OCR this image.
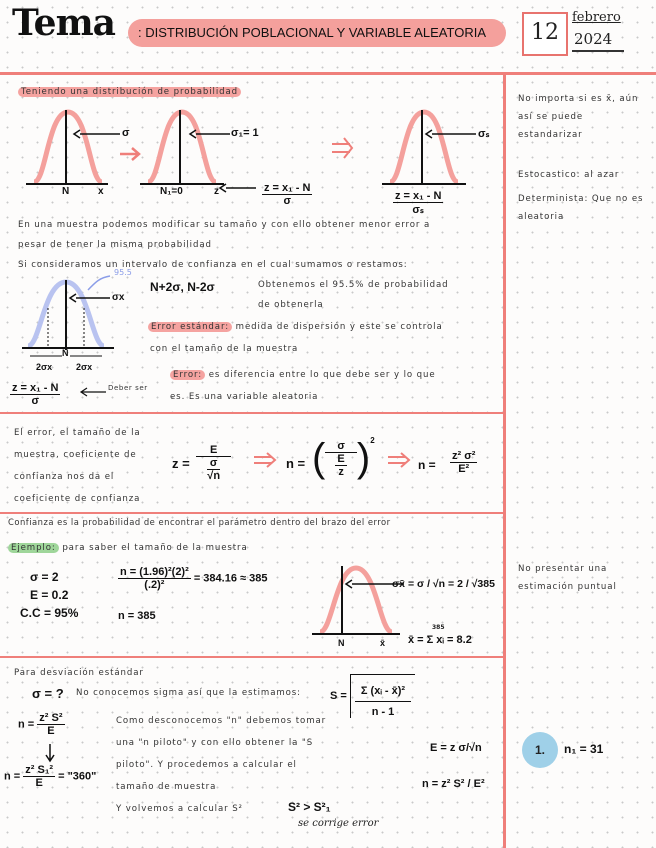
Tema	: DISTRIBUCIÓN POBLACIONAL Y VARIABLE ALEATORIA	12
febrero
2024
Teniendo una distribución de probabilidad
σ
N	x
σ₁= 1
N₁=0	z	$\frac{\text{z = x₁ - N}}{\sigma}$
σₛ
$\frac{\text{z = x₁ - N}}{\text{σₛ}}$
En una muestra podemos modificar su tamaño y con ello obtener menor error a
pesar de tener la misma probabilidad
Si consideramos un intervalo de confianza en el cual sumamos o restamos:
95.5
σx
N
2σx	2σx
N+2σ, N-2σ	Obtenemos el 95.5% de probabilidad
de obtenerla
Error estándar: medida de dispersión y este se controla
con el tamaño de la muestra
$\frac{\text{z = x₁ - N}}{\sigma}$	Deber ser
Error: es diferencia entre lo que debe ser y lo que
es. Es una variable aleatoria
El error, el tamaño de la
muestra, coeficiente de
confianza nos da el
coeficiente de confianza
$z = \frac{E}{\frac{\sigma}{√n}}$	n = ( $\frac{\sigma}{\frac{E}{z}} )^2$
$n = \frac{\text{z² σ²}}{\text{E²}}$
Confianza es la probabilidad de encontrar el parámetro dentro del brazo del error
Ejemplo: para saber el tamaño de la muestra
σ = 2
E = 0.2
C.C = 95%
$\frac{\text{n = (1.96)²(2)²}}{\text{(.2)²}} = 384.16 \approx 385$
n = 385
N	x̄
σx̄ = σ / √n = 2 / √385
x̄ = Σ xᵢ = 8.2
385
Para desviación estándar
σ = ? No conocemos sigma así que la estimamos:	$S = \frac{\text{Σ (xᵢ - x̄)²}}{n - 1}$
$n = \frac{\text{z² S²}}{E}$
$n = \frac{\text{z² S₁²}}{E}$ = "360"
Como desconocemos "n" debemos tomar
una "n piloto" y con ello obtener la "S
piloto". Y procedemos a calcular el
tamaño de muestra
Y volvemos a calcular S²	S² > S²₁
se corrige error
E = z σ/√n
n = z² S² / E²
No importa si es x̄, aún así se puede estandarizar
Estocastico: al azar
Determinista: Que no es aleatoria
No presentar una estimación puntual
1.	n₁ = 31
